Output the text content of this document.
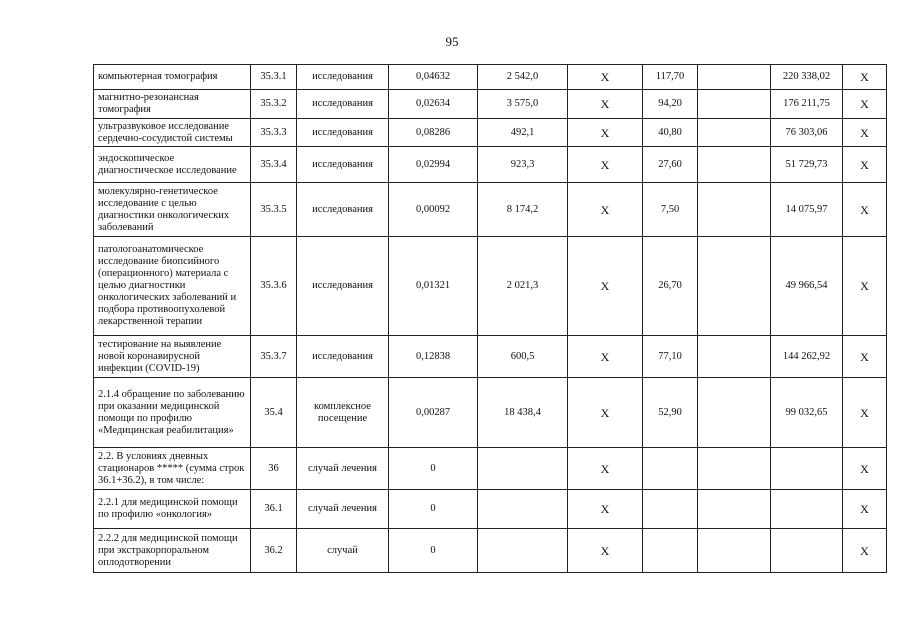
95
компьютерная томография	35.3.1	исследования	0,04632	2 542,0	Х	117,70		220 338,02	Х
магнитно-резонансная томография	35.3.2	исследования	0,02634	3 575,0	Х	94,20		176 211,75	Х
ультразвуковое исследование сердечно-сосудистой системы	35.3.3	исследования	0,08286	492,1	Х	40,80		76 303,06	Х
эндоскопическое диагностическое исследование	35.3.4	исследования	0,02994	923,3	Х	27,60		51 729,73	Х
молекулярно-генетическое исследование с целью диагностики онкологических заболеваний	35.3.5	исследования	0,00092	8 174,2	Х	7,50		14 075,97	Х
патологоанатомическое исследование биопсийного (операционного) материала с целью диагностики онкологических заболеваний и подбора противоопухолевой лекарственной терапии	35.3.6	исследования	0,01321	2 021,3	Х	26,70		49 966,54	Х
тестирование на выявление новой коронавирусной инфекции (COVID-19)	35.3.7	исследования	0,12838	600,5	Х	77,10		144 262,92	Х
2.1.4 обращение по заболеванию при оказании медицинской помощи по профилю «Медицинская реабилитация»	35.4	комплексное посещение	0,00287	18 438,4	Х	52,90		99 032,65	Х
2.2. В условиях дневных стационаров ***** (сумма строк 36.1+36.2), в том числе:	36	случай лечения	0		Х				Х
2.2.1 для медицинской помощи по профилю «онкология»	36.1	случай лечения	0		Х				Х
2.2.2 для медицинской помощи при экстракорпоральном оплодотворении	36.2	случай	0		Х				Х
